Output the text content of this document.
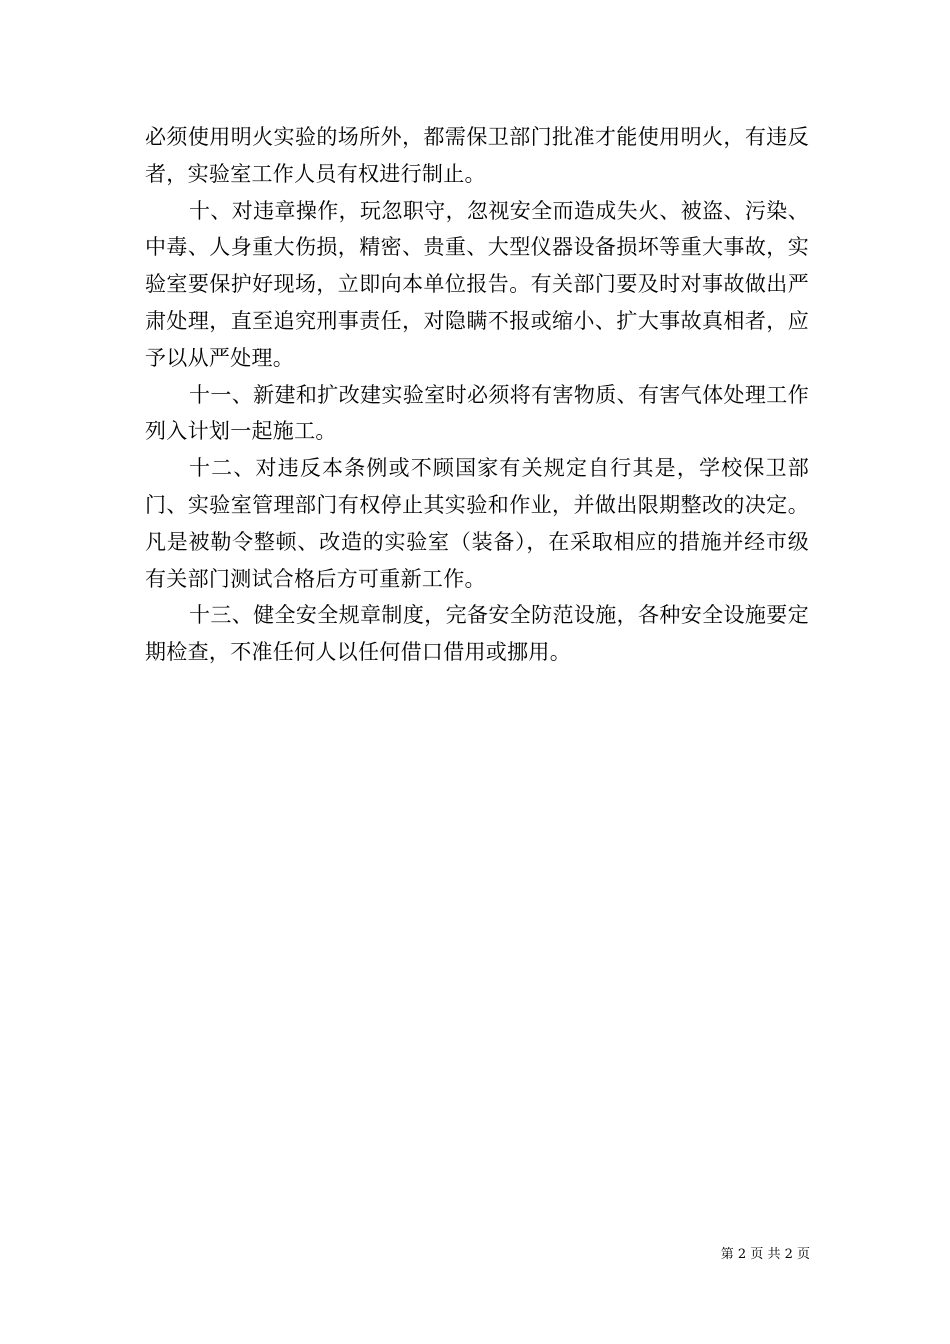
必须使用明火实验的场所外，都需保卫部门批准才能使用明火，有违反者，实验室工作人员有权进行制止。

十、对违章操作，玩忽职守，忽视安全而造成失火、被盗、污染、中毒、人身重大伤损，精密、贵重、大型仪器设备损坏等重大事故，实验室要保护好现场，立即向本单位报告。有关部门要及时对事故做出严肃处理，直至追究刑事责任，对隐瞒不报或缩小、扩大事故真相者，应予以从严处理。

十一、新建和扩改建实验室时必须将有害物质、有害气体处理工作列入计划一起施工。

十二、对违反本条例或不顾国家有关规定自行其是，学校保卫部门、实验室管理部门有权停止其实验和作业，并做出限期整改的决定。凡是被勒令整顿、改造的实验室（装备），在采取相应的措施并经市级有关部门测试合格后方可重新工作。

十三、健全安全规章制度，完备安全防范设施，各种安全设施要定期检查，不准任何人以任何借口借用或挪用。

第 2 页 共 2 页
